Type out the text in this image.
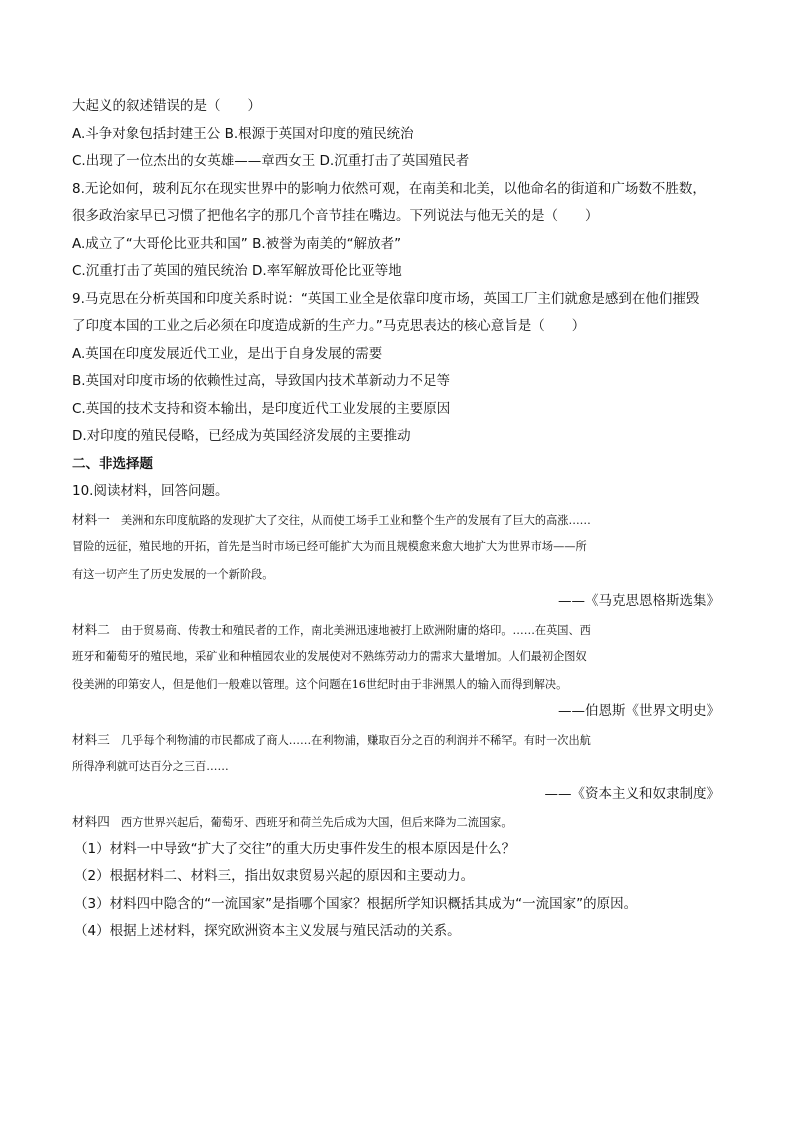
大起义的叙述错误的是（　　）
A.斗争对象包括封建王公 B.根源于英国对印度的殖民统治
C.出现了一位杰出的女英雄——章西女王 D.沉重打击了英国殖民者
8.无论如何，玻利瓦尔在现实世界中的影响力依然可观，在南美和北美，以他命名的街道和广场数不胜数，
很多政治家早已习惯了把他名字的那几个音节挂在嘴边。下列说法与他无关的是（　　）
A.成立了“大哥伦比亚共和国” B.被誉为南美的“解放者”
C.沉重打击了英国的殖民统治 D.率军解放哥伦比亚等地
9.马克思在分析英国和印度关系时说：“英国工业全是依靠印度市场，英国工厂主们就愈是感到在他们摧毁
了印度本国的工业之后必须在印度造成新的生产力。”马克思表达的核心意旨是（　　）
A.英国在印度发展近代工业，是出于自身发展的需要
B.英国对印度市场的依赖性过高，导致国内技术革新动力不足等
C.英国的技术支持和资本输出，是印度近代工业发展的主要原因
D.对印度的殖民侵略，已经成为英国经济发展的主要推动
二、非选择题
10.阅读材料，回答问题。
材料一　美洲和东印度航路的发现扩大了交往，从而使工场手工业和整个生产的发展有了巨大的高涨……
冒险的远征，殖民地的开拓，首先是当时市场已经可能扩大为而且规模愈来愈大地扩大为世界市场——所
有这一切产生了历史发展的一个新阶段。
——《马克思恩格斯选集》
材料二　由于贸易商、传教士和殖民者的工作，南北美洲迅速地被打上欧洲附庸的烙印。……在英国、西
班牙和葡萄牙的殖民地，采矿业和种植园农业的发展使对不熟练劳动力的需求大量增加。人们最初企图奴
役美洲的印第安人，但是他们一般难以管理。这个问题在16世纪时由于非洲黑人的输入而得到解决。
——伯恩斯《世界文明史》
材料三　几乎每个利物浦的市民都成了商人……在利物浦，赚取百分之百的利润并不稀罕。有时一次出航
所得净利就可达百分之三百……
——《资本主义和奴隶制度》
材料四　西方世界兴起后，葡萄牙、西班牙和荷兰先后成为大国，但后来降为二流国家。
（1）材料一中导致“扩大了交往”的重大历史事件发生的根本原因是什么？
（2）根据材料二、材料三，指出奴隶贸易兴起的原因和主要动力。
（3）材料四中隐含的“一流国家”是指哪个国家？根据所学知识概括其成为“一流国家”的原因。
（4）根据上述材料，探究欧洲资本主义发展与殖民活动的关系。
